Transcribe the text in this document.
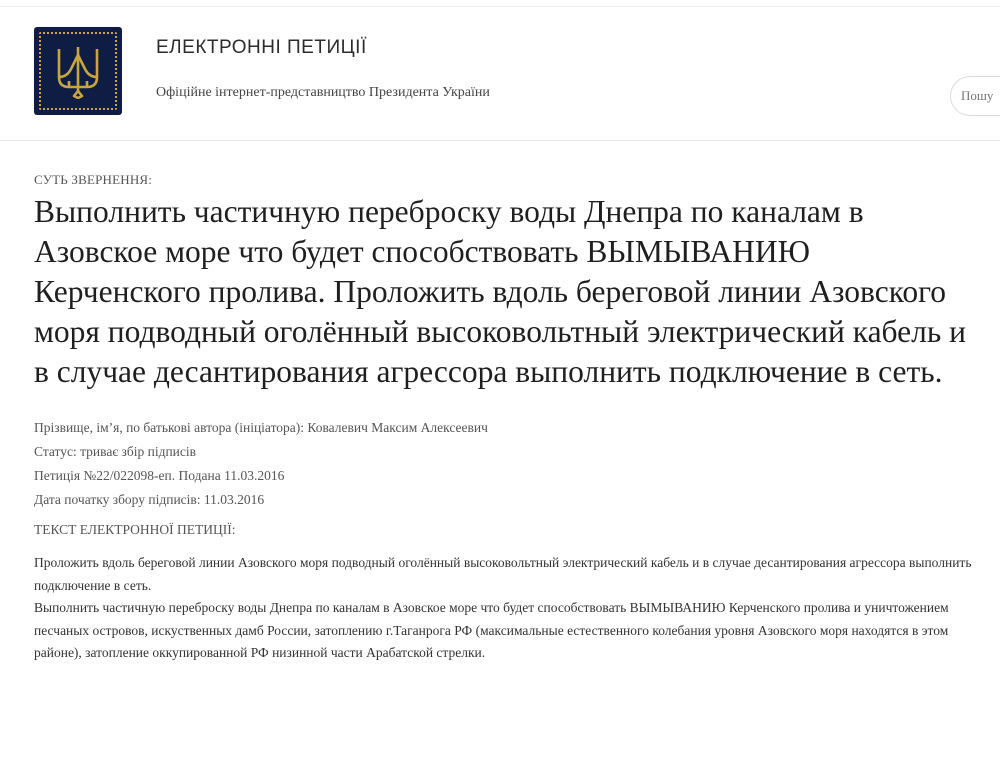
ЕЛЕКТРОННІ ПЕТИЦІЇ
Офіційне інтернет-представництво Президента України
Пошу
СУТЬ ЗВЕРНЕННЯ:
Выполнить частичную переброску воды Днепра по каналам в Азовское море что будет способствовать ВЫМЫВАНИЮ Керченского пролива. Проложить вдоль береговой линии Азовского моря подводный оголённый высоковольтный электрический кабель и в случае десантирования агрессора выполнить подключение в сеть.
Прізвище, ім’я, по батькові автора (ініціатора): Ковалевич Максим Алексеевич
Статус: триває збір підписів
Петиція №22/022098-еп. Подана 11.03.2016
Дата початку збору підписів: 11.03.2016
ТЕКСТ ЕЛЕКТРОННОЇ ПЕТИЦІЇ:

Проложить вдоль береговой линии Азовского моря подводный оголённый высоковольтный электрический кабель и в случае десантирования агрессора выполнить подключение в сеть.

Выполнить частичную переброску воды Днепра по каналам в Азовское море что будет способствовать ВЫМЫВАНИЮ Керченского пролива и уничтожением песчаных островов, искуственных дамб России, затоплению г.Таганрога РФ (максимальные естественного колебания уровня Азовского моря находятся в этом районе), затопление оккупированной РФ низинной части Арабатской стрелки.
